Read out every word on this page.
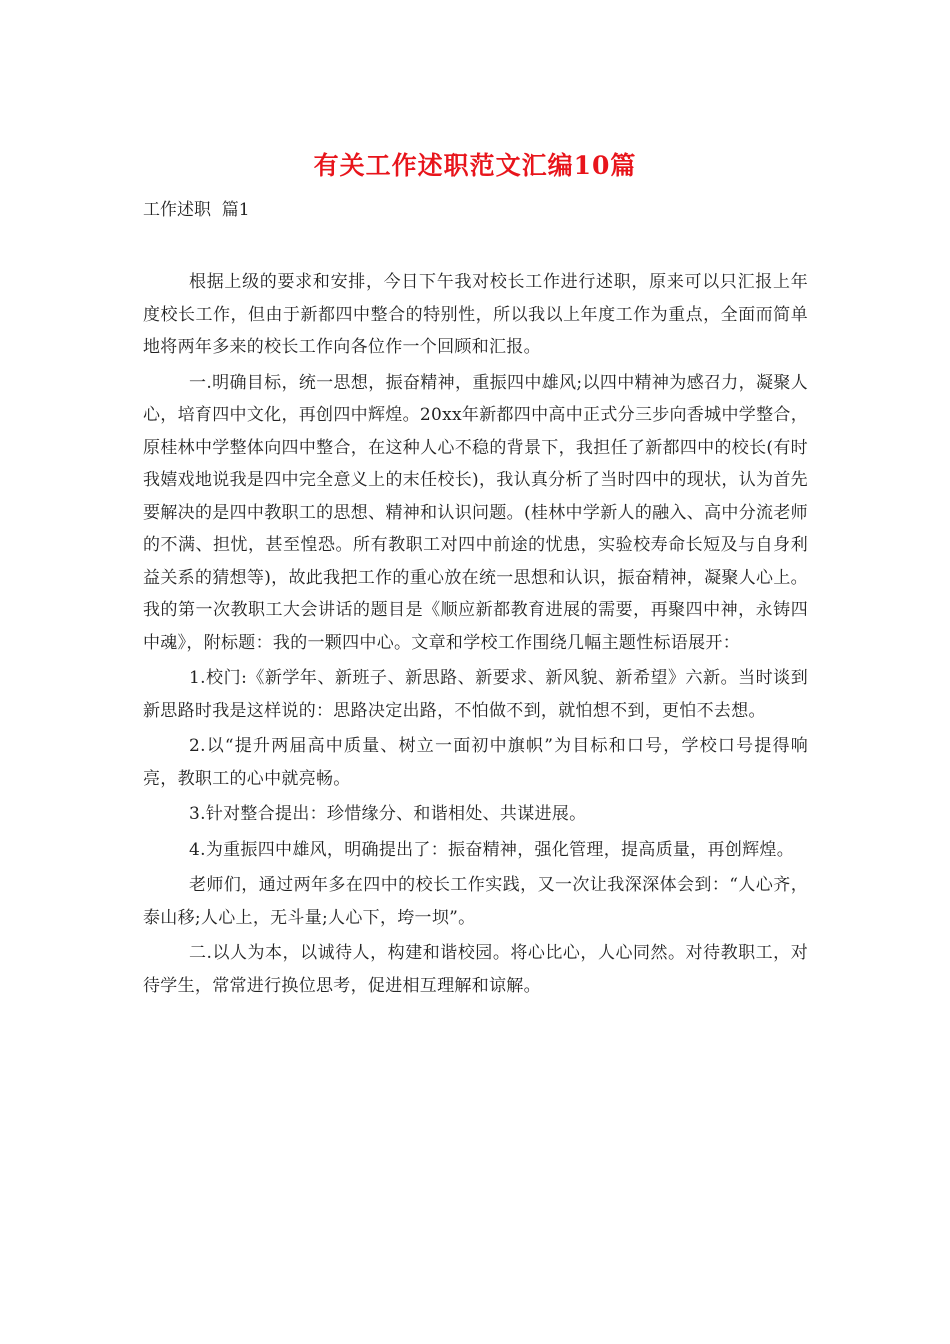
有关工作述职范文汇编10篇

工作述职  篇1

根据上级的要求和安排，今日下午我对校长工作进行述职，原来可以只汇报上年度校长工作，但由于新都四中整合的特别性，所以我以上年度工作为重点，全面而简单地将两年多来的校长工作向各位作一个回顾和汇报。

一.明确目标，统一思想，振奋精神，重振四中雄风;以四中精神为感召力，凝聚人心，培育四中文化，再创四中辉煌。20xx年新都四中高中正式分三步向香城中学整合，原桂林中学整体向四中整合，在这种人心不稳的背景下，我担任了新都四中的校长(有时我嬉戏地说我是四中完全意义上的末任校长)，我认真分析了当时四中的现状，认为首先要解决的是四中教职工的思想、精神和认识问题。(桂林中学新人的融入、高中分流老师的不满、担忧，甚至惶恐。所有教职工对四中前途的忧患，实验校寿命长短及与自身利益关系的猜想等)，故此我把工作的重心放在统一思想和认识，振奋精神，凝聚人心上。我的第一次教职工大会讲话的题目是《顺应新都教育进展的需要，再聚四中神，永铸四中魂》，附标题：我的一颗四中心。文章和学校工作围绕几幅主题性标语展开：

1.校门:《新学年、新班子、新思路、新要求、新风貌、新希望》六新。当时谈到新思路时我是这样说的：思路决定出路，不怕做不到，就怕想不到，更怕不去想。

2.以“提升两届高中质量、树立一面初中旗帜”为目标和口号，学校口号提得响亮，教职工的心中就亮畅。

3.针对整合提出：珍惜缘分、和谐相处、共谋进展。

4.为重振四中雄风，明确提出了：振奋精神，强化管理，提高质量，再创辉煌。

老师们，通过两年多在四中的校长工作实践，又一次让我深深体会到：“人心齐，泰山移;人心上，无斗量;人心下，垮一坝”。

二.以人为本，以诚待人，构建和谐校园。将心比心，人心同然。对待教职工，对待学生，常常进行换位思考，促进相互理解和谅解。
